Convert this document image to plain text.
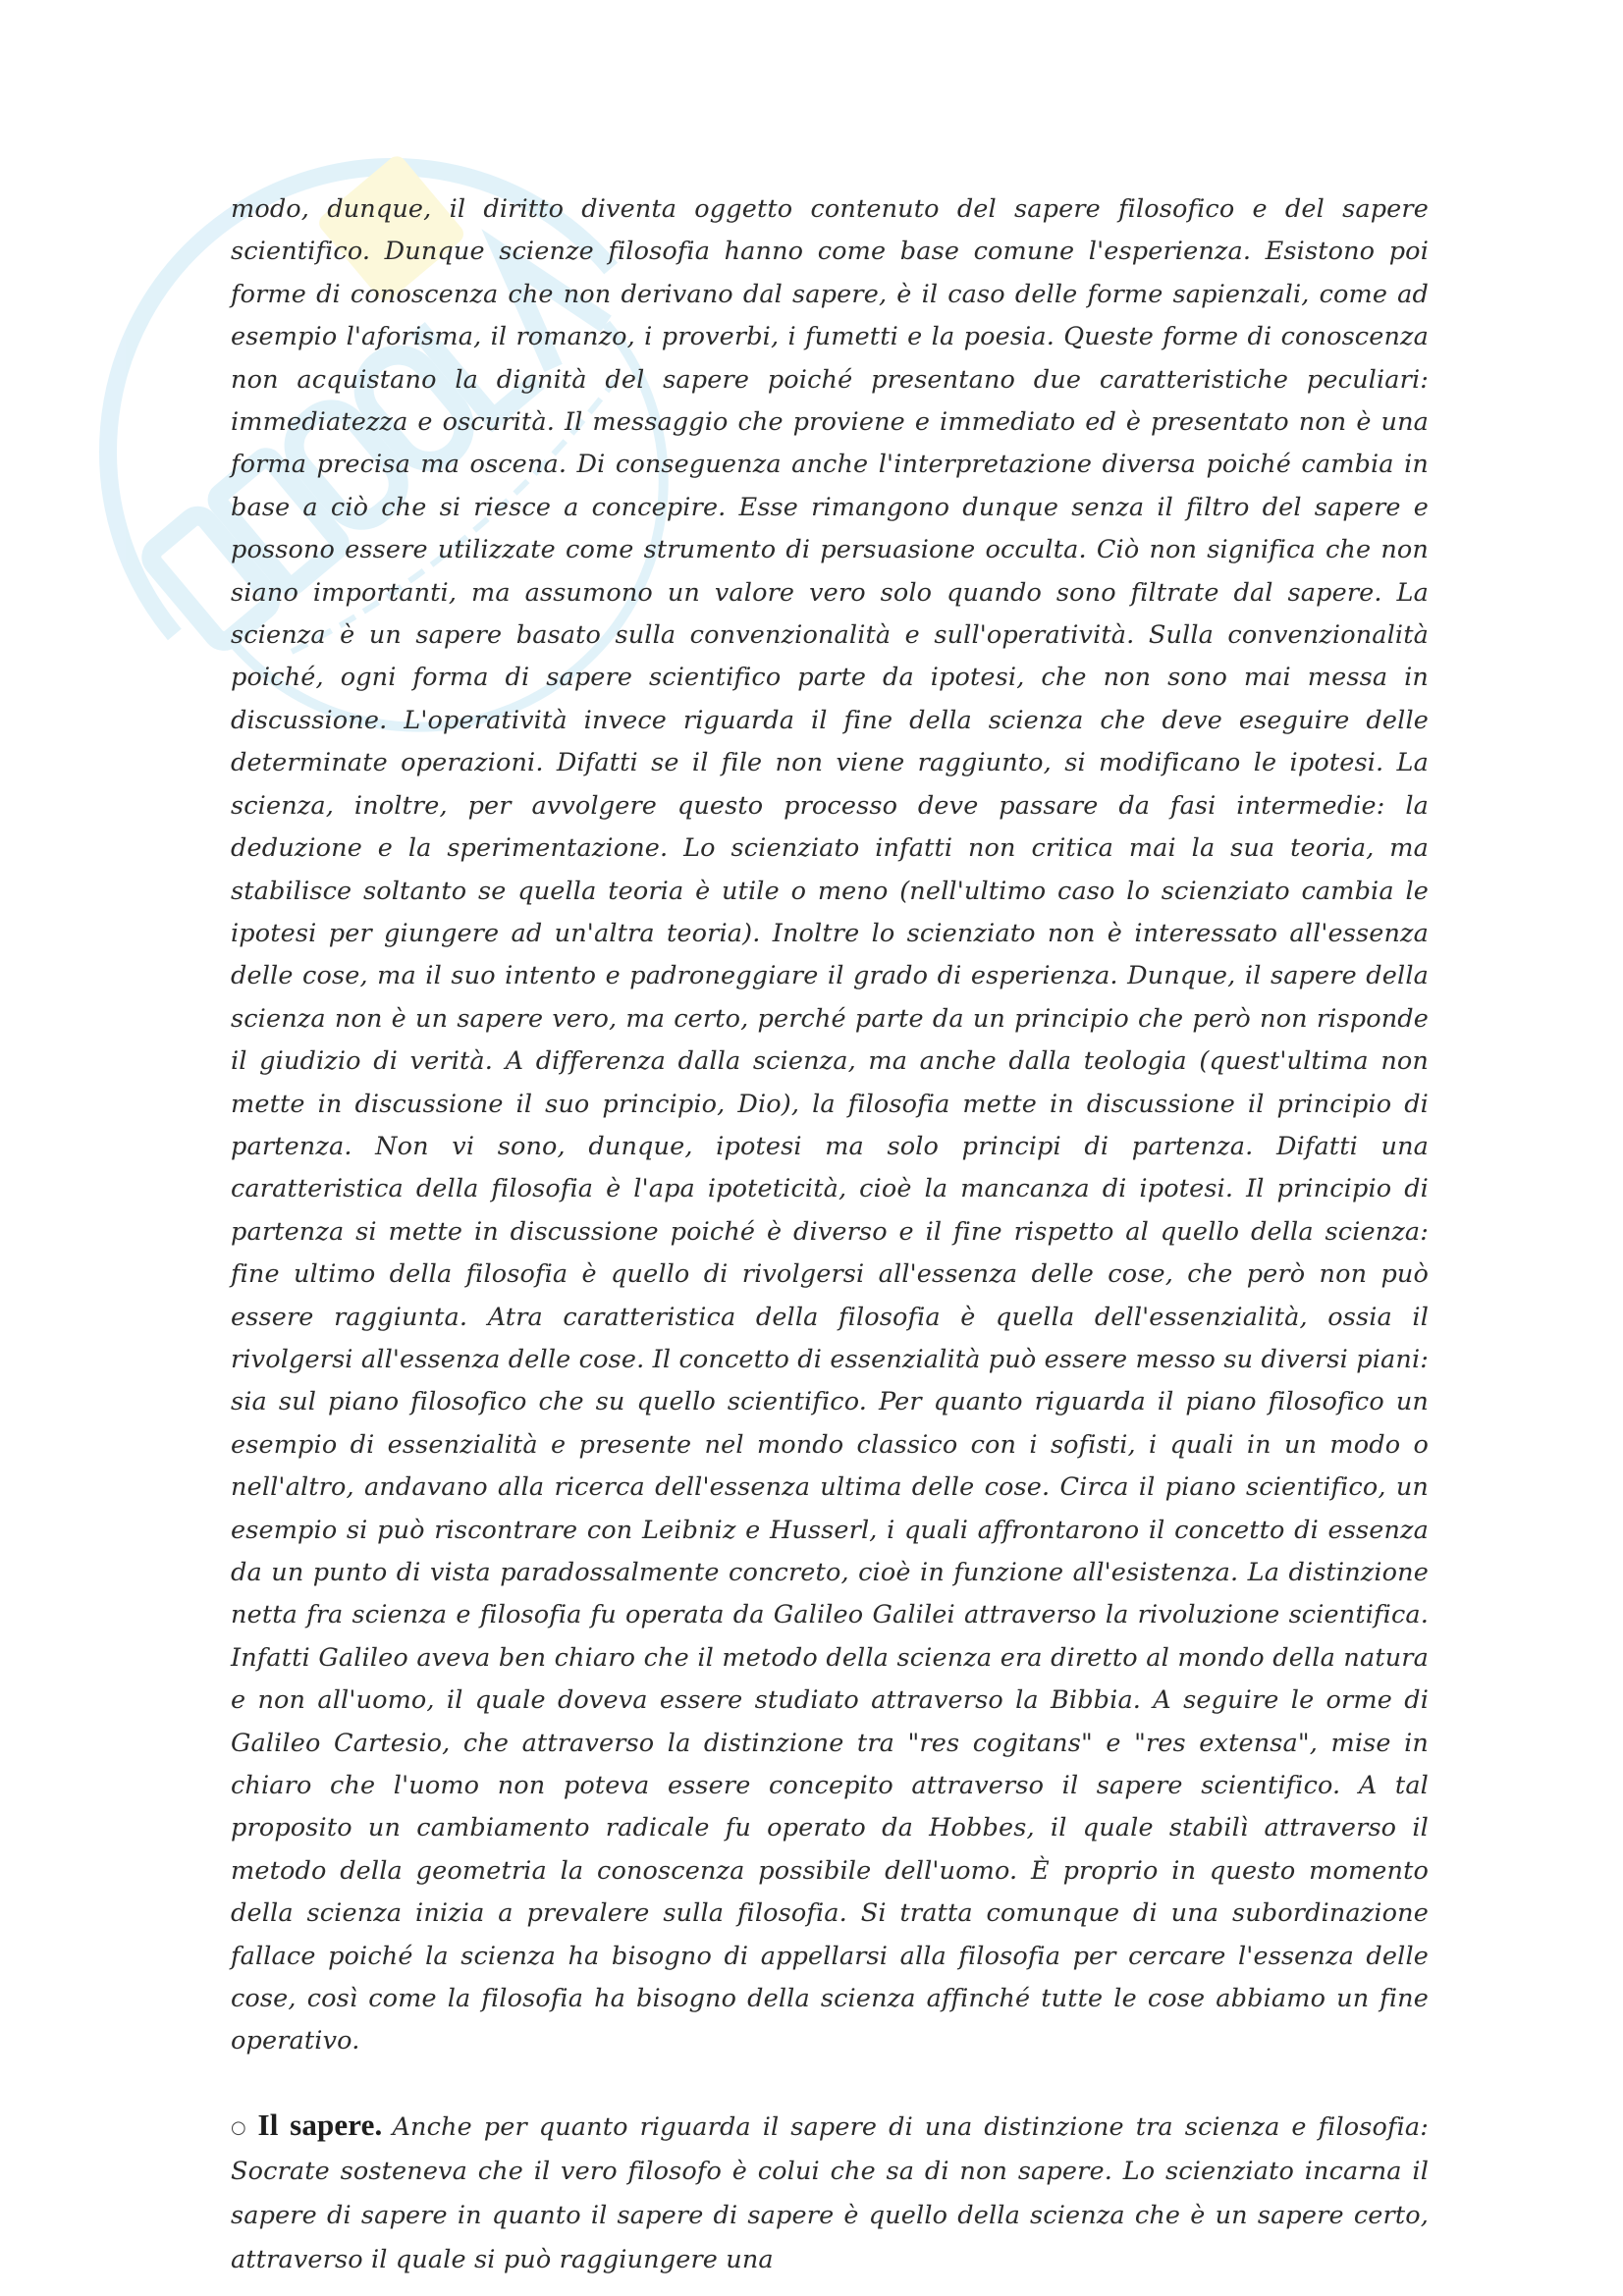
modo, dunque, il diritto diventa oggetto contenuto del sapere filosofico e del sapere scientifico. Dunque scienze filosofia hanno come base comune l'esperienza. Esistono poi forme di conoscenza che non derivano dal sapere, è il caso delle forme sapienzali, come ad esempio l'aforisma, il romanzo, i proverbi, i fumetti e la poesia. Queste forme di conoscenza non acquistano la dignità del sapere poiché presentano due caratteristiche peculiari: immediatezza e oscurità. Il messaggio che proviene e immediato ed è presentato non è una forma precisa ma oscena. Di conseguenza anche l'interpretazione diversa poiché cambia in base a ciò che si riesce a concepire. Esse rimangono dunque senza il filtro del sapere e possono essere utilizzate come strumento di persuasione occulta. Ciò non significa che non siano importanti, ma assumono un valore vero solo quando sono filtrate dal sapere. La scienza è un sapere basato sulla convenzionalità e sull'operatività. Sulla convenzionalità poiché, ogni forma di sapere scientifico parte da ipotesi, che non sono mai messa in discussione. L'operatività invece riguarda il fine della scienza che deve eseguire delle determinate operazioni. Difatti se il file non viene raggiunto, si modificano le ipotesi. La scienza, inoltre, per avvolgere questo processo deve passare da fasi intermedie: la deduzione e la sperimentazione. Lo scienziato infatti non critica mai la sua teoria, ma stabilisce soltanto se quella teoria è utile o meno (nell'ultimo caso lo scienziato cambia le ipotesi per giungere ad un'altra teoria). Inoltre lo scienziato non è interessato all'essenza delle cose, ma il suo intento e padroneggiare il grado di esperienza. Dunque, il sapere della scienza non è un sapere vero, ma certo, perché parte da un principio che però non risponde il giudizio di verità. A differenza dalla scienza, ma anche dalla teologia (quest'ultima non mette in discussione il suo principio, Dio), la filosofia mette in discussione il principio di partenza. Non vi sono, dunque, ipotesi ma solo principi di partenza. Difatti una caratteristica della filosofia è l'apa ipoteticità, cioè la mancanza di ipotesi. Il principio di partenza si mette in discussione poiché è diverso e il fine rispetto al quello della scienza: fine ultimo della filosofia è quello di rivolgersi all'essenza delle cose, che però non può essere raggiunta. Atra caratteristica della filosofia è quella dell'essenzialità, ossia il rivolgersi all'essenza delle cose. Il concetto di essenzialità può essere messo su diversi piani: sia sul piano filosofico che su quello scientifico. Per quanto riguarda il piano filosofico un esempio di essenzialità e presente nel mondo classico con i sofisti, i quali in un modo o nell'altro, andavano alla ricerca dell'essenza ultima delle cose. Circa il piano scientifico, un esempio si può riscontrare con Leibniz e Husserl, i quali affrontarono il concetto di essenza da un punto di vista paradossalmente concreto, cioè in funzione all'esistenza. La distinzione netta fra scienza e filosofia fu operata da Galileo Galilei attraverso la rivoluzione scientifica. Infatti Galileo aveva ben chiaro che il metodo della scienza era diretto al mondo della natura e non all'uomo, il quale doveva essere studiato attraverso la Bibbia. A seguire le orme di Galileo Cartesio, che attraverso la distinzione tra "res cogitans" e "res extensa", mise in chiaro che l'uomo non poteva essere concepito attraverso il sapere scientifico. A tal proposito un cambiamento radicale fu operato da Hobbes, il quale stabilì attraverso il metodo della geometria la conoscenza possibile dell'uomo. È proprio in questo momento della scienza inizia a prevalere sulla filosofia. Si tratta comunque di una subordinazione fallace poiché la scienza ha bisogno di appellarsi alla filosofia per cercare l'essenza delle cose, così come la filosofia ha bisogno della scienza affinché tutte le cose abbiamo un fine operativo.

○ Il sapere. Anche per quanto riguarda il sapere di una distinzione tra scienza e filosofia: Socrate sosteneva che il vero filosofo è colui che sa di non sapere. Lo scienziato incarna il sapere di sapere in quanto il sapere di sapere è quello della scienza che è un sapere certo, attraverso il quale si può raggiungere una
